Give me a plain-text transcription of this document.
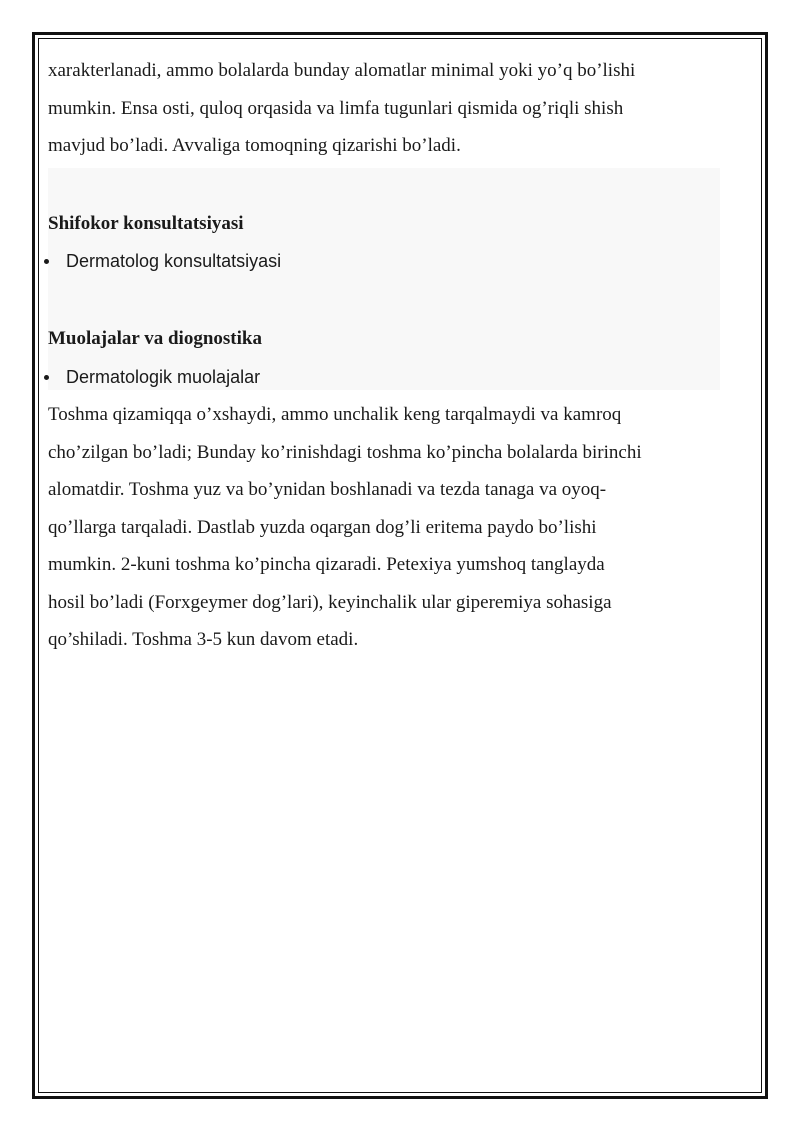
xarakterlanadi, ammo bolalarda bunday alomatlar minimal yoki yo’q bo’lishi
mumkin. Ensa osti, quloq orqasida va limfa tugunlari qismida og’riqli shish
mavjud bo’ladi. Avvaliga tomoqning qizarishi bo’ladi.

Shifokor konsultatsiyasi
Dermatolog konsultatsiyasi
Muolajalar va diognostika
Dermatologik muolajalar

Toshma qizamiqqa o’xshaydi, ammo unchalik keng tarqalmaydi va kamroq
cho’zilgan bo’ladi; Bunday ko’rinishdagi toshma ko’pincha bolalarda birinchi
alomatdir. Toshma yuz va bo’ynidan boshlanadi va tezda tanaga va oyoq-
qo’llarga tarqaladi. Dastlab yuzda oqargan dog’li eritema paydo bo’lishi
mumkin. 2-kuni toshma ko’pincha qizaradi. Petexiya yumshoq tanglayda
hosil bo’ladi (Forxgeymer dog’lari), keyinchalik ular giperemiya sohasiga
qo’shiladi. Toshma 3-5 kun davom etadi.
